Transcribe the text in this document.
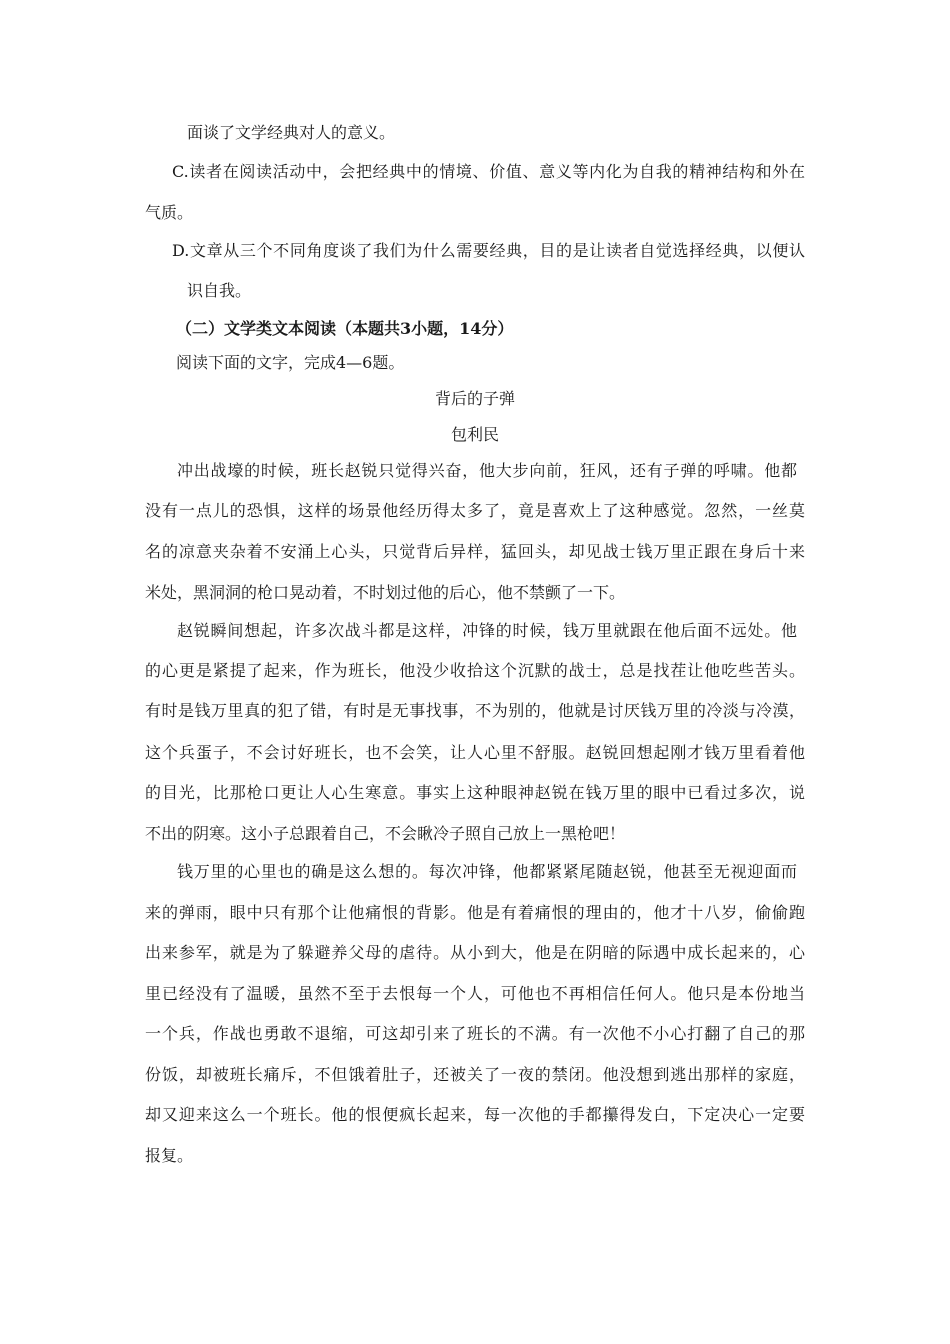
面谈了文学经典对人的意义。
C.读者在阅读活动中，会把经典中的情境、价值、意义等内化为自我的精神结构和外在
气质。
D.文章从三个不同角度谈了我们为什么需要经典，目的是让读者自觉选择经典，以便认
识自我。
（二）文学类文本阅读（本题共3小题，14分）
阅读下面的文字，完成4—6题。
背后的子弹
包利民
冲出战壕的时候，班长赵锐只觉得兴奋，他大步向前，狂风，还有子弹的呼啸。他都
没有一点儿的恐惧，这样的场景他经历得太多了，竟是喜欢上了这种感觉。忽然，一丝莫
名的凉意夹杂着不安涌上心头，只觉背后异样，猛回头，却见战士钱万里正跟在身后十来
米处，黑洞洞的枪口晃动着，不时划过他的后心，他不禁颤了一下。
赵锐瞬间想起，许多次战斗都是这样，冲锋的时候，钱万里就跟在他后面不远处。他
的心更是紧提了起来，作为班长，他没少收拾这个沉默的战士，总是找茬让他吃些苦头。
有时是钱万里真的犯了错，有时是无事找事，不为别的，他就是讨厌钱万里的冷淡与冷漠，
这个兵蛋子，不会讨好班长，也不会笑，让人心里不舒服。赵锐回想起刚才钱万里看着他
的目光，比那枪口更让人心生寒意。事实上这种眼神赵锐在钱万里的眼中已看过多次，说
不出的阴寒。这小子总跟着自己，不会瞅冷子照自己放上一黑枪吧！
钱万里的心里也的确是这么想的。每次冲锋，他都紧紧尾随赵锐，他甚至无视迎面而
来的弹雨，眼中只有那个让他痛恨的背影。他是有着痛恨的理由的，他才十八岁，偷偷跑
出来参军，就是为了躲避养父母的虐待。从小到大，他是在阴暗的际遇中成长起来的，心
里已经没有了温暖，虽然不至于去恨每一个人，可他也不再相信任何人。他只是本份地当
一个兵，作战也勇敢不退缩，可这却引来了班长的不满。有一次他不小心打翻了自己的那
份饭，却被班长痛斥，不但饿着肚子，还被关了一夜的禁闭。他没想到逃出那样的家庭，
却又迎来这么一个班长。他的恨便疯长起来，每一次他的手都攥得发白，下定决心一定要
报复。
